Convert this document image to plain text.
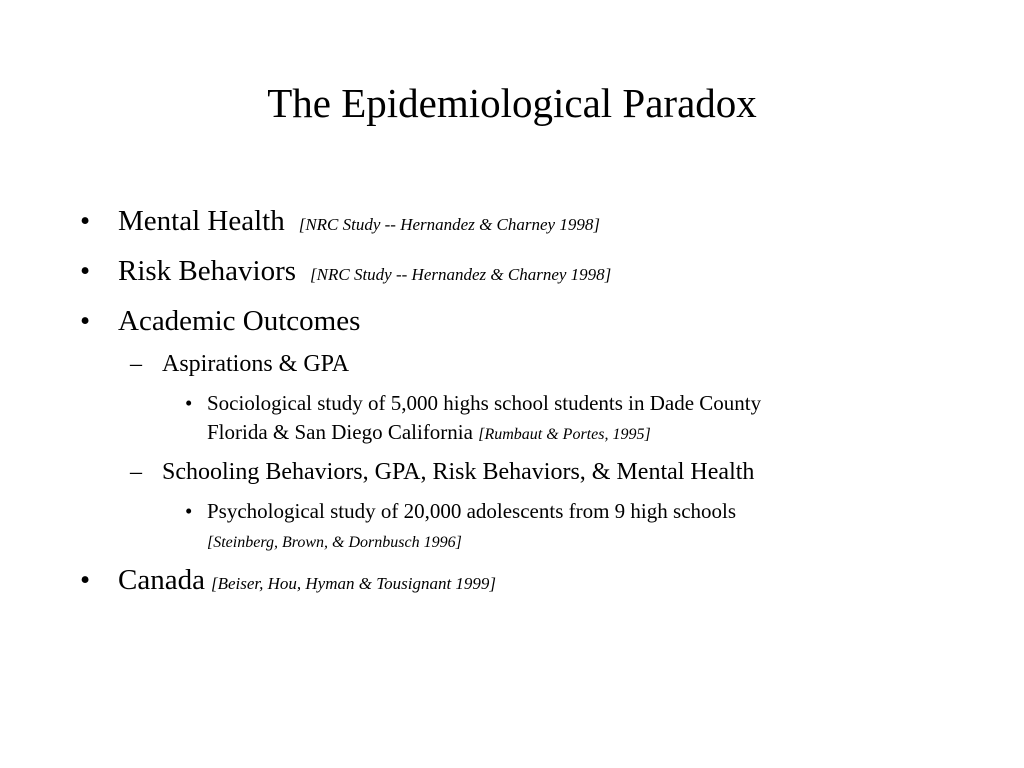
The Epidemiological Paradox
• Mental Health [NRC Study -- Hernandez & Charney 1998]
• Risk Behaviors [NRC Study -- Hernandez & Charney 1998]
• Academic Outcomes
– Aspirations & GPA
• Sociological study of 5,000 highs school students in Dade County
Florida & San Diego California [Rumbaut & Portes, 1995]
– Schooling Behaviors, GPA, Risk Behaviors, & Mental Health
• Psychological study of 20,000 adolescents from 9 high schools
[Steinberg, Brown, & Dornbusch 1996]
• Canada [Beiser, Hou, Hyman & Tousignant 1999]
